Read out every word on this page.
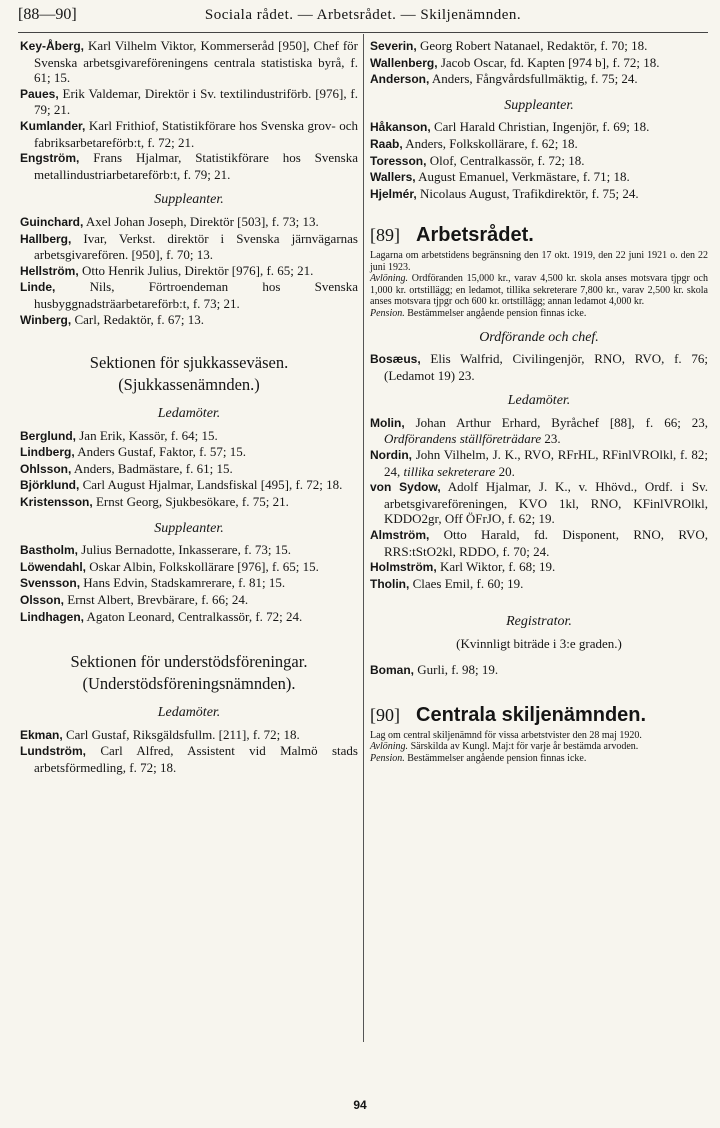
[88—90]	Sociala rådet. — Arbetsrådet. — Skiljenämnden.

Key-Åberg, Karl Vilhelm Viktor, Kommerseråd [950], Chef för Svenska arbetsgivareföreningens centrala statistiska byrå, f. 61; 15.

Paues, Erik Valdemar, Direktör i Sv. textilindustriförb. [976], f. 79; 21.

Kumlander, Karl Frithiof, Statistikförare hos Svenska grov- och fabriksarbetareförb:t, f. 72; 21.

Engström, Frans Hjalmar, Statistikförare hos Svenska metallindustriarbetareförb:t, f. 79; 21.

Suppleanter.

Guinchard, Axel Johan Joseph, Direktör [503], f. 73; 13.

Hallberg, Ivar, Verkst. direktör i Svenska järnvägarnas arbetsgivarefören. [950], f. 70; 13.

Hellström, Otto Henrik Julius, Direktör [976], f. 65; 21.

Linde, Nils, Förtroendeman hos Svenska husbyggnadsträarbetareförb:t, f. 73; 21.

Winberg, Carl, Redaktör, f. 67; 13.

Sektionen för sjukkasseväsen.

(Sjukkassenämnden.)

Ledamöter.

Berglund, Jan Erik, Kassör, f. 64; 15.

Lindberg, Anders Gustaf, Faktor, f. 57; 15.

Ohlsson, Anders, Badmästare, f. 61; 15.

Björklund, Carl August Hjalmar, Landsfiskal [495], f. 72; 18.

Kristensson, Ernst Georg, Sjukbesökare, f. 75; 21.

Suppleanter.

Bastholm, Julius Bernadotte, Inkasserare, f. 73; 15.

Löwendahl, Oskar Albin, Folkskollärare [976], f. 65; 15.

Svensson, Hans Edvin, Stadskamrerare, f. 81; 15.

Olsson, Ernst Albert, Brevbärare, f. 66; 24.

Lindhagen, Agaton Leonard, Centralkassör, f. 72; 24.

Sektionen för understödsföreningar.

(Understödsföreningsnämnden).

Ledamöter.

Ekman, Carl Gustaf, Riksgäldsfullm. [211], f. 72; 18.

Lundström, Carl Alfred, Assistent vid Malmö stads arbetsförmedling, f. 72; 18.

Severin, Georg Robert Natanael, Redaktör, f. 70; 18.

Wallenberg, Jacob Oscar, fd. Kapten [974 b], f. 72; 18.

Anderson, Anders, Fångvårdsfullmäktig, f. 75; 24.

Suppleanter.

Håkanson, Carl Harald Christian, Ingenjör, f. 69; 18.

Raab, Anders, Folkskollärare, f. 62; 18.

Toresson, Olof, Centralkassör, f. 72; 18.

Wallers, August Emanuel, Verkmästare, f. 71; 18.

Hjelmér, Nicolaus August, Trafikdirektör, f. 75; 24.

[89] Arbetsrådet.

Lagarna om arbetstidens begränsning den 17 okt. 1919, den 22 juni 1921 o. den 22 juni 1923.

Avlöning. Ordföranden 15,000 kr., varav 4,500 kr. skola anses motsvara tjpgr och 1,000 kr. ortstillägg; en ledamot, tillika sekreterare 7,800 kr., varav 2,500 kr. skola anses motsvara tjpgr och 600 kr. ortstillägg; annan ledamot 4,000 kr.

Pension. Bestämmelser angående pension finnas icke.

Ordförande och chef.

Bosæus, Elis Walfrid, Civilingenjör, RNO, RVO, f. 76; (Ledamot 19) 23.

Ledamöter.

Molin, Johan Arthur Erhard, Byråchef [88], f. 66; 23, Ordförandens ställföreträdare 23.

Nordin, John Vilhelm, J. K., RVO, RFrHL, RFinlVROlkl, f. 82; 24, tillika sekreterare 20.

von Sydow, Adolf Hjalmar, J. K., v. Hhövd., Ordf. i Sv. arbetsgivareföreningen, KVO 1kl, RNO, KFinlVROlkl, KDDO2gr, Off ÖFrJO, f. 62; 19.

Almström, Otto Harald, fd. Disponent, RNO, RVO, RRS:tStO2kl, RDDO, f. 70; 24.

Holmström, Karl Wiktor, f. 68; 19.

Tholin, Claes Emil, f. 60; 19.

Registrator.

(Kvinnligt biträde i 3:e graden.)

Boman, Gurli, f. 98; 19.

[90] Centrala skiljenämnden.

Lag om central skiljenämnd för vissa arbetstvister den 28 maj 1920.

Avlöning. Särskilda av Kungl. Maj:t för varje år bestämda arvoden.

Pension. Bestämmelser angående pension finnas icke.

94
